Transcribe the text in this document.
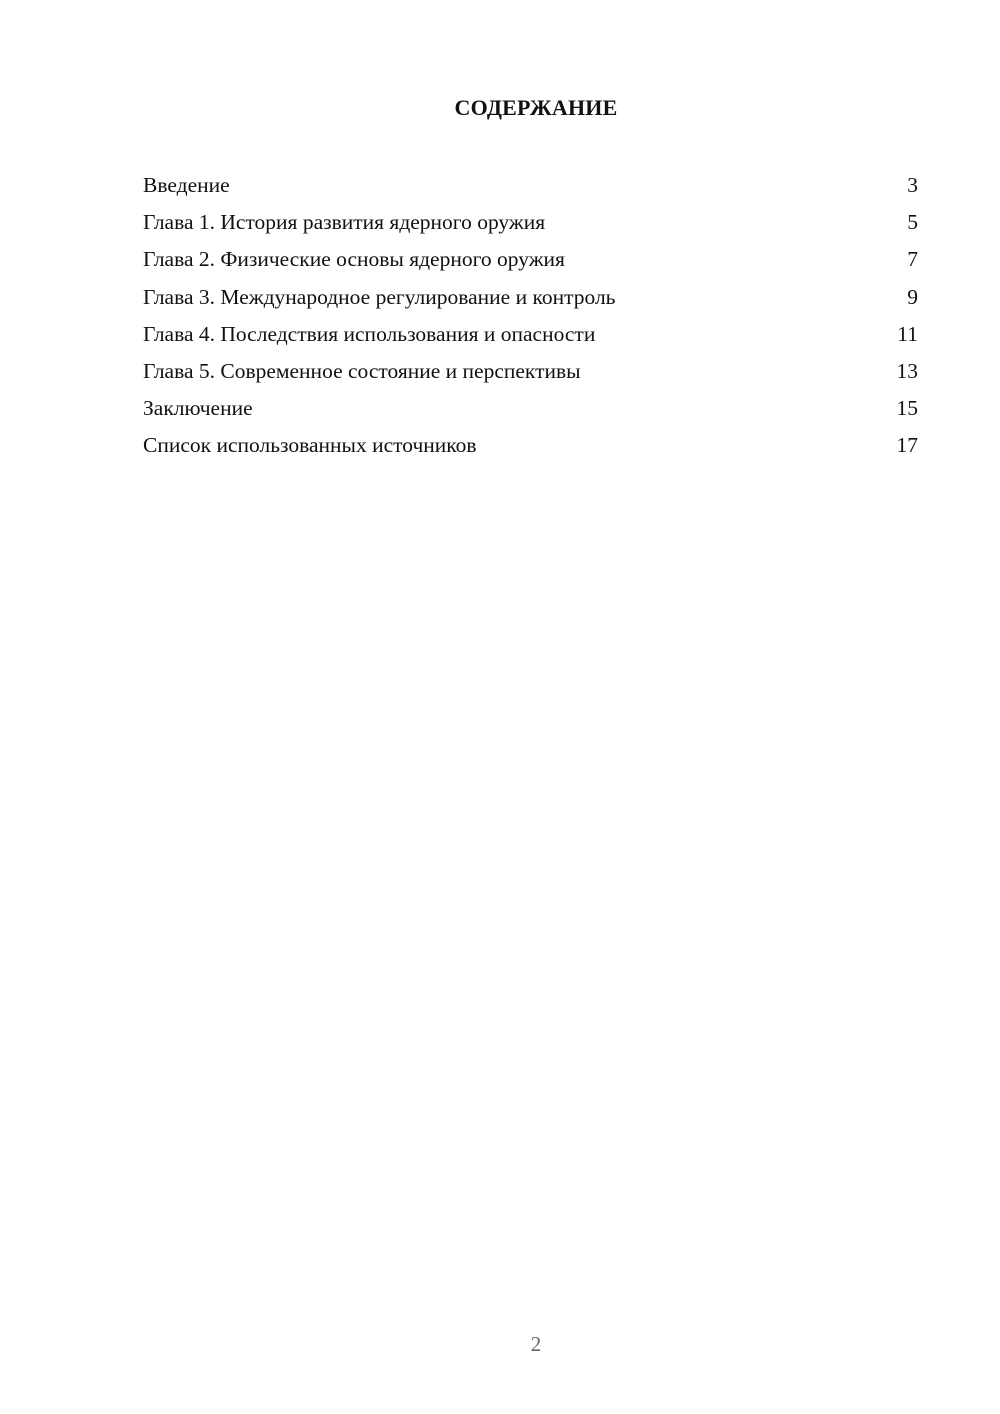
СОДЕРЖАНИЕ
Введение	3
Глава 1. История развития ядерного оружия	5
Глава 2. Физические основы ядерного оружия	7
Глава 3. Международное регулирование и контроль	9
Глава 4. Последствия использования и опасности	11
Глава 5. Современное состояние и перспективы	13
Заключение	15
Список использованных источников	17
2
